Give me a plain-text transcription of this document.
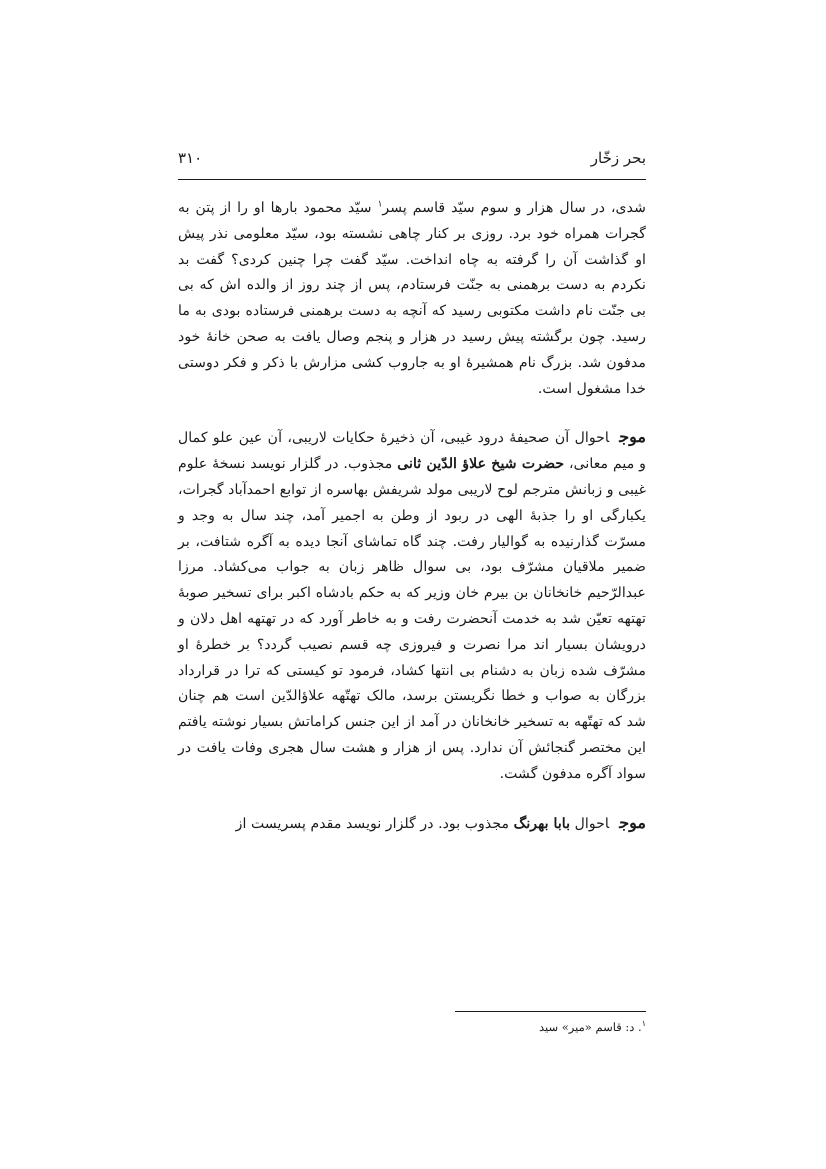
بحر زخّار
۳۱۰

شدی، در سال هزار و سوم سیّد قاسم پسر$^۱$ سیّد محمود بارها او را از پتن به گجرات همراه خود برد. روزی بر کنار چاهی نشسته بود، سیّد معلومی نذر پیش او گذاشت آن را گرفته به چاه انداخت. سیّد گفت چرا چنین کردی؟ گفت بد نکردم به دست برهمنی به جنّت فرستادم، پس از چند روز از والده اش که بی بی جنّت نام داشت مکتوبی رسید که آنچه به دست برهمنی فرستاده بودی به ما رسید. چون برگشته پیش رسید در هزار و پنجم وصال یافت به صحن خانۀ خود مدفون شد. بزرگ نام همشیرۀ او به جاروب کشی مزارش با ذکر و فکر دوستی خدا مشغول است.

موجاحوال آن صحیفۀ درود غیبی، آن ذخیرۀ حکایات لاریبی، آن عین علو کمال و میم معانی، حضرت شیخ علاؤ الدّین ثانی مجذوب. در گلزار نویسد نسخۀ علوم غیبی و زبانش مترجم لوح لاریبی مولد شریفش بهاسره از توابع احمدآباد گجرات، یکبارگی او را جذبۀ الهی در ربود از وطن به اجمیر آمد، چند سال به وجد و مسرّت گذارنیده به گوالیار رفت. چند گاه تماشای آنجا دیده به آگره شتافت، بر ضمیر ملاقیان مشرّف بود، بی سوال ظاهر زبان به جواب می‌کشاد. مرزا عبدالرّحیم خانخانان بن بیرم خان وزیر که به حکم بادشاه اکبر برای تسخیر صوبۀ تهتهه تعیّن شد به خدمت آنحضرت رفت و به خاطر آورد که در تهتهه اهل دلان و درویشان بسیار اند مرا نصرت و فیروزی چه قسم نصیب گردد؟ بر خطرۀ او مشرّف شده زبان به دشنام بی انتها کشاد، فرمود تو کیستی که ترا در قرارداد بزرگان به صواب و خطا نگریستن برسد، مالک تهتّهه علاؤالدّین است هم چنان شد که تهتّهه به تسخیر خانخانان در آمد از این جنس کراماتش بسیار نوشته یافتم این مختصر گنجائش آن ندارد. پس از هزار و هشت سال هجری وفات یافت در سواد آگره مدفون گشت.

موجاحوال بابا بهرنگ مجذوب بود. در گلزار نویسد مقدم پسریست از

$^۱$. د: قاسم «میر» سید
